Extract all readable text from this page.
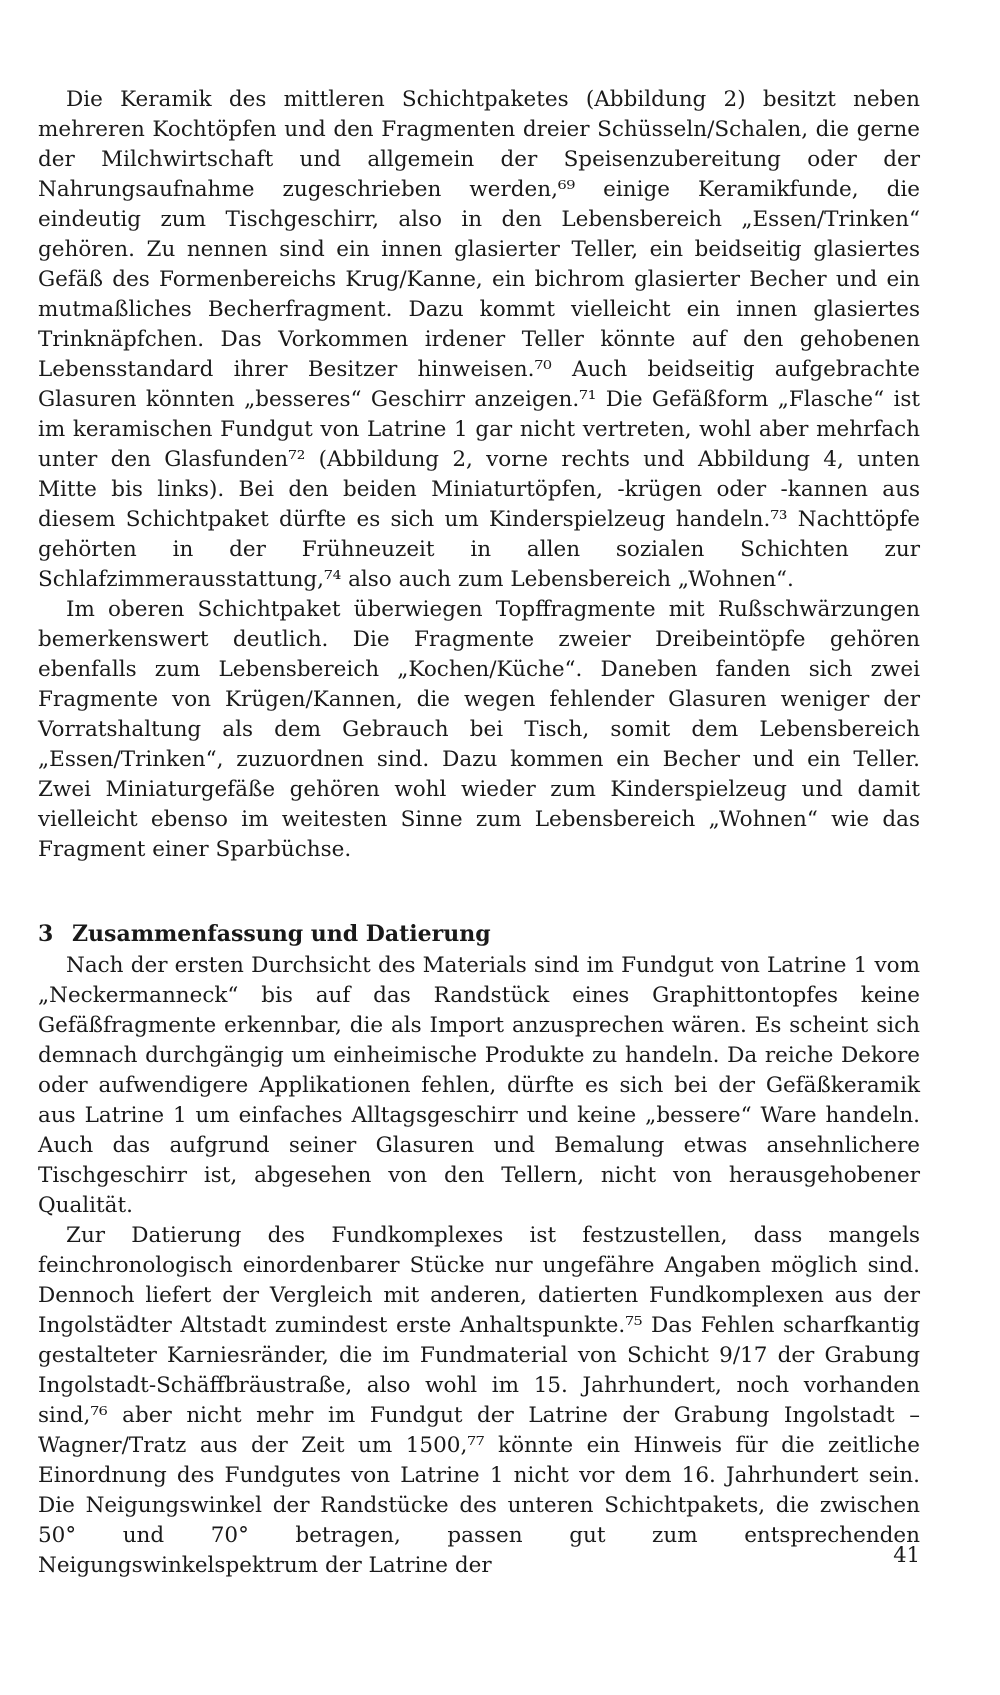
Die Keramik des mittleren Schichtpaketes (Abbildung 2) besitzt neben mehreren Kochtöpfen und den Fragmenten dreier Schüsseln/Schalen, die gerne der Milchwirtschaft und allgemein der Speisenzubereitung oder der Nahrungsaufnahme zugeschrieben werden,⁶⁹ einige Keramikfunde, die eindeutig zum Tischgeschirr, also in den Lebensbereich „Essen/Trinken“ gehören. Zu nennen sind ein innen glasierter Teller, ein beidseitig glasiertes Gefäß des Formenbereichs Krug/Kanne, ein bichrom glasierter Becher und ein mutmaßliches Becherfragment. Dazu kommt vielleicht ein innen glasiertes Trinknäpfchen. Das Vorkommen irdener Teller könnte auf den gehobenen Lebensstandard ihrer Besitzer hinweisen.⁷⁰ Auch beidseitig aufgebrachte Glasuren könnten „besseres“ Geschirr anzeigen.⁷¹ Die Gefäßform „Flasche“ ist im keramischen Fundgut von Latrine 1 gar nicht vertreten, wohl aber mehrfach unter den Glasfunden⁷² (Abbildung 2, vorne rechts und Abbildung 4, unten Mitte bis links). Bei den beiden Miniaturtöpfen, -krügen oder -kannen aus diesem Schichtpaket dürfte es sich um Kinderspielzeug handeln.⁷³ Nachttöpfe gehörten in der Frühneuzeit in allen sozialen Schichten zur Schlafzimmerausstattung,⁷⁴ also auch zum Lebensbereich „Wohnen“.

Im oberen Schichtpaket überwiegen Topffragmente mit Rußschwärzungen bemerkenswert deutlich. Die Fragmente zweier Dreibeintöpfe gehören ebenfalls zum Lebensbereich „Kochen/Küche“. Daneben fanden sich zwei Fragmente von Krügen/Kannen, die wegen fehlender Glasuren weniger der Vorratshaltung als dem Gebrauch bei Tisch, somit dem Lebensbereich „Essen/Trinken“, zuzuordnen sind. Dazu kommen ein Becher und ein Teller. Zwei Miniaturgefäße gehören wohl wieder zum Kinderspielzeug und damit vielleicht ebenso im weitesten Sinne zum Lebensbereich „Wohnen“ wie das Fragment einer Sparbüchse.

3 Zusammenfassung und Datierung

Nach der ersten Durchsicht des Materials sind im Fundgut von Latrine 1 vom „Neckermanneck“ bis auf das Randstück eines Graphittontopfes keine Gefäßfragmente erkennbar, die als Import anzusprechen wären. Es scheint sich demnach durchgängig um einheimische Produkte zu handeln. Da reiche Dekore oder aufwendigere Applikationen fehlen, dürfte es sich bei der Gefäßkeramik aus Latrine 1 um einfaches Alltagsgeschirr und keine „bessere“ Ware handeln. Auch das aufgrund seiner Glasuren und Bemalung etwas ansehnlichere Tischgeschirr ist, abgesehen von den Tellern, nicht von herausgehobener Qualität.

Zur Datierung des Fundkomplexes ist festzustellen, dass mangels feinchronologisch einordenbarer Stücke nur ungefähre Angaben möglich sind. Dennoch liefert der Vergleich mit anderen, datierten Fundkomplexen aus der Ingolstädter Altstadt zumindest erste Anhaltspunkte.⁷⁵ Das Fehlen scharfkantig gestalteter Karniesränder, die im Fundmaterial von Schicht 9/17 der Grabung Ingolstadt-Schäffbräustraße, also wohl im 15. Jahrhundert, noch vorhanden sind,⁷⁶ aber nicht mehr im Fundgut der Latrine der Grabung Ingolstadt – Wagner/Tratz aus der Zeit um 1500,⁷⁷ könnte ein Hinweis für die zeitliche Einordnung des Fundgutes von Latrine 1 nicht vor dem 16. Jahrhundert sein. Die Neigungswinkel der Randstücke des unteren Schichtpakets, die zwischen 50° und 70° betragen, passen gut zum entsprechenden Neigungswinkelspektrum der Latrine der	41
